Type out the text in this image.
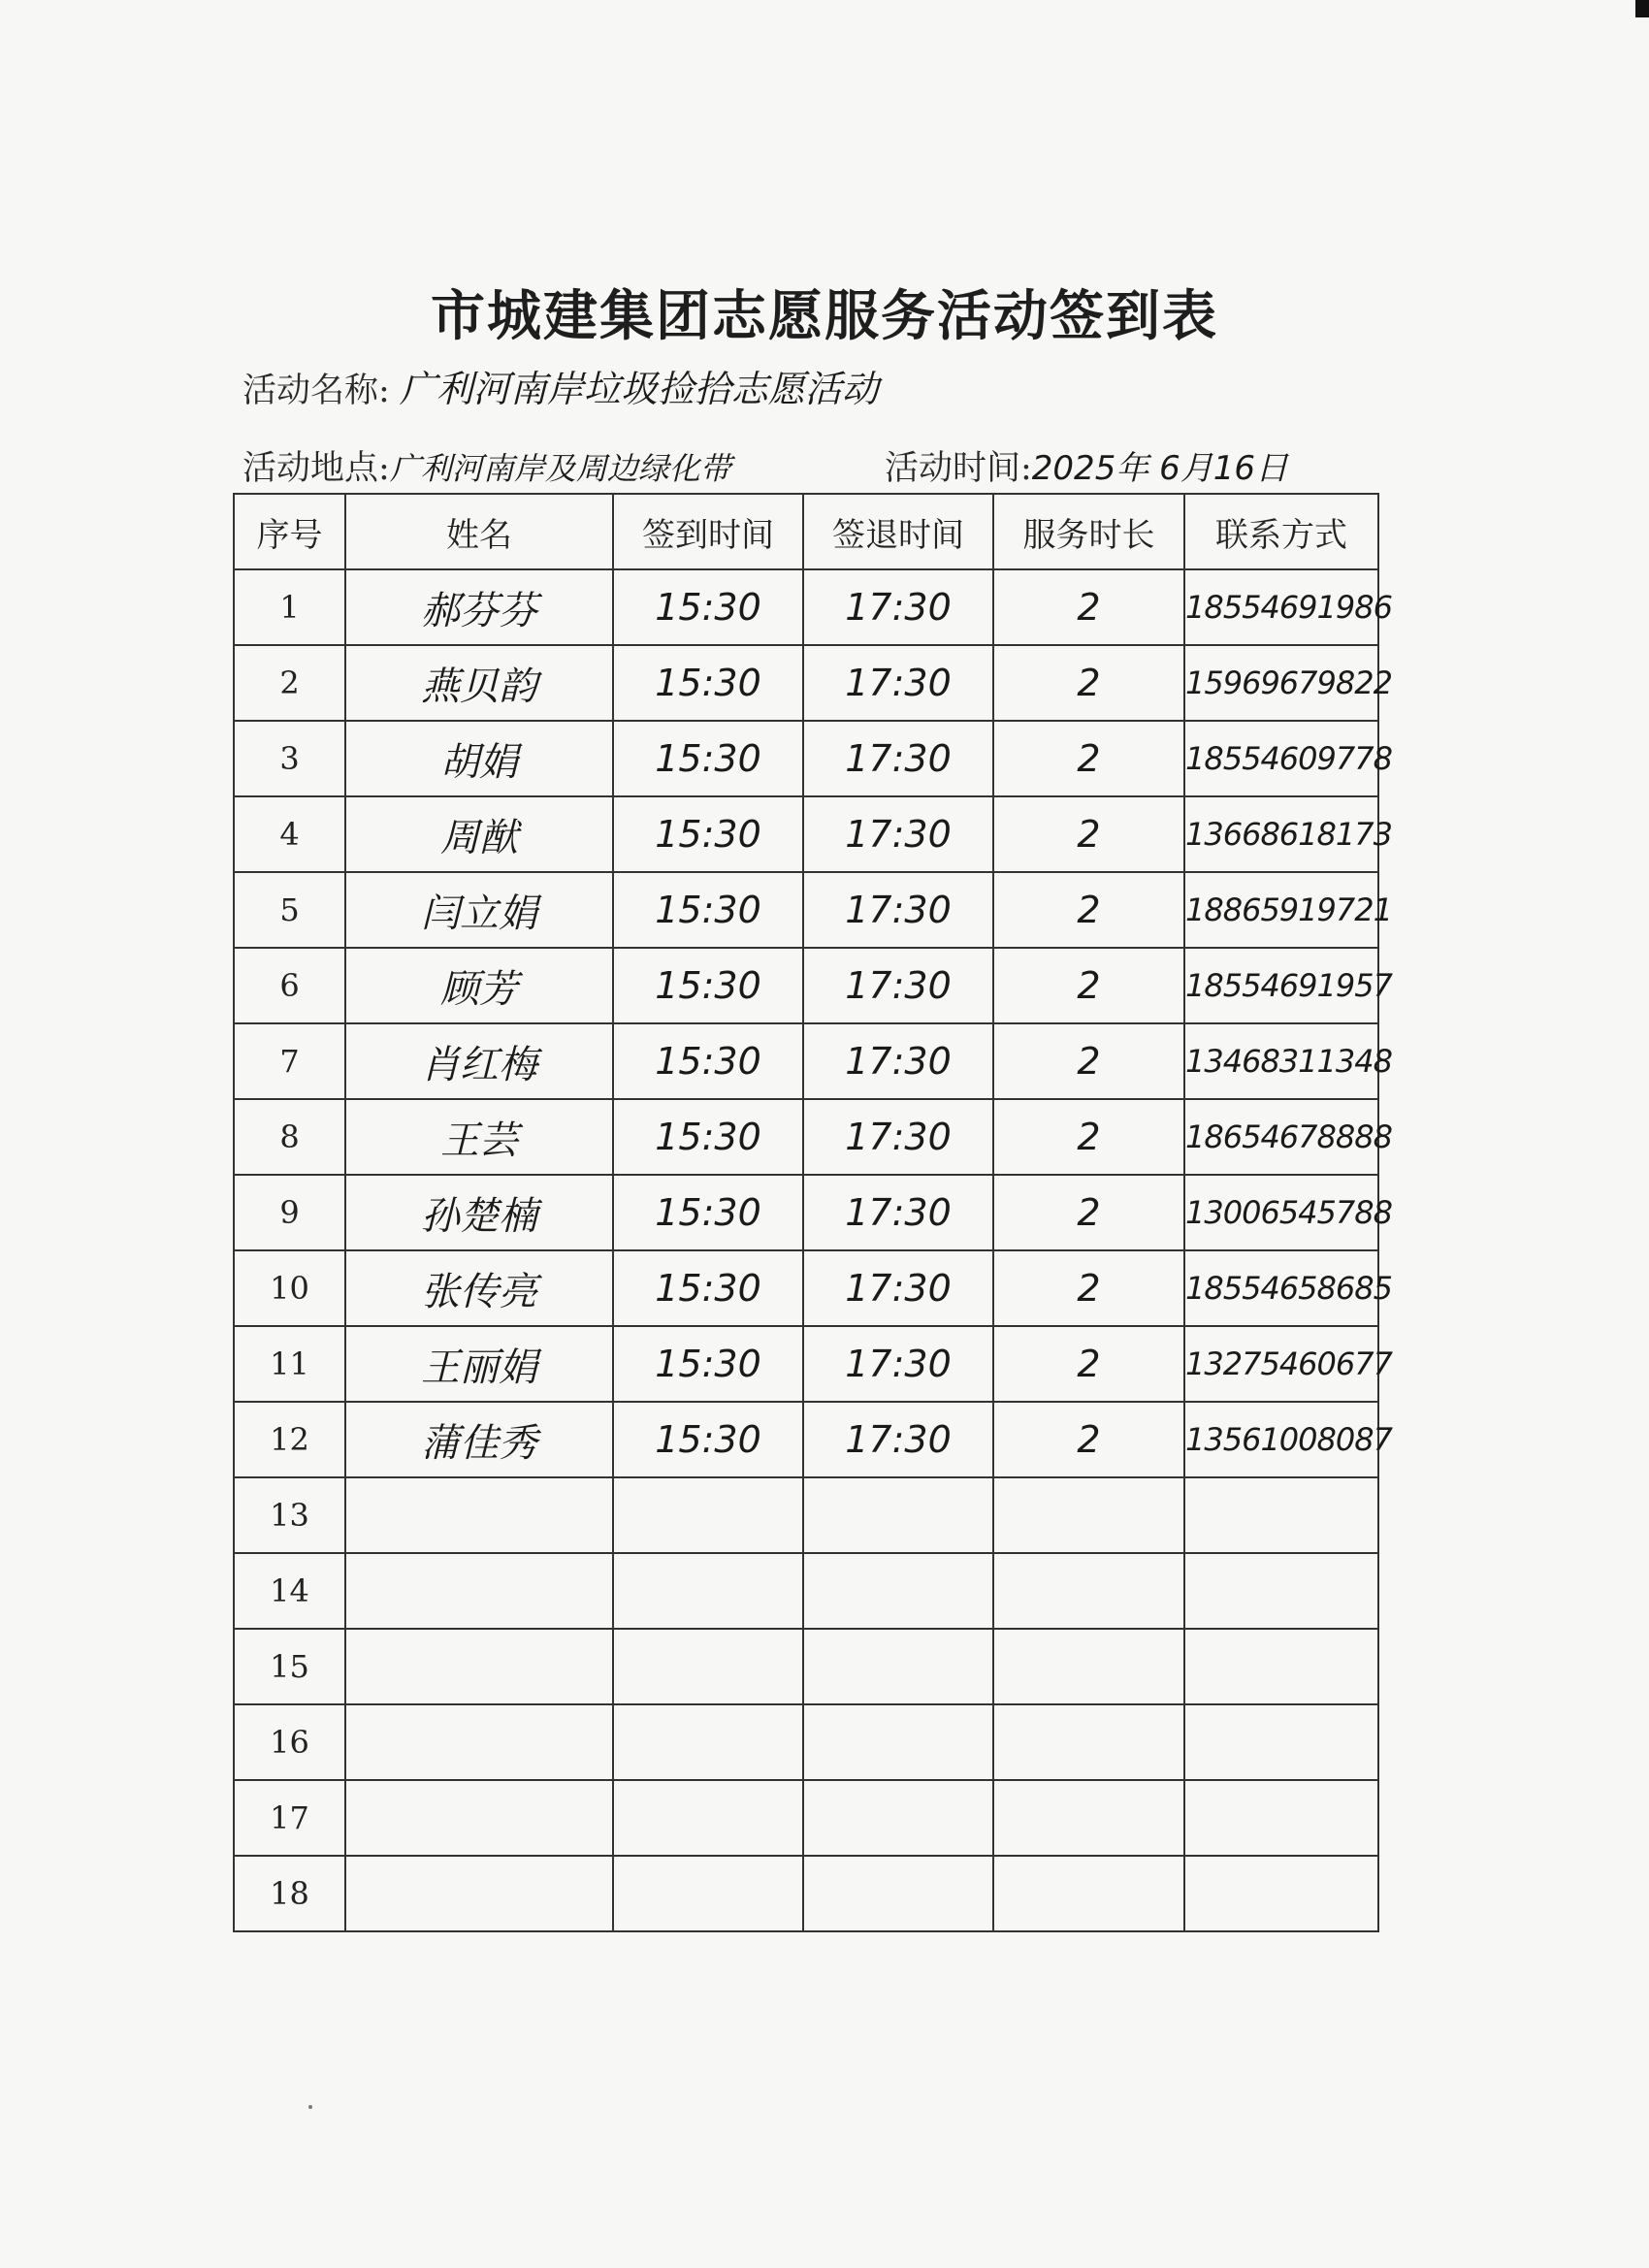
市城建集团志愿服务活动签到表
活动名称: 广利河南岸垃圾捡拾志愿活动
活动地点:广利河南岸及周边绿化带	活动时间:2025年 6月16日
序号	姓名	签到时间	签退时间	服务时长	联系方式
1	郝芬芬	15:30	17:30	2	18554691986
2	燕贝韵	15:30	17:30	2	15969679822
3	胡娟	15:30	17:30	2	18554609778
4	周猷	15:30	17:30	2	13668618173
5	闫立娟	15:30	17:30	2	18865919721
6	顾芳	15:30	17:30	2	18554691957
7	肖红梅	15:30	17:30	2	13468311348
8	王芸	15:30	17:30	2	18654678888
9	孙楚楠	15:30	17:30	2	13006545788
10	张传亮	15:30	17:30	2	18554658685
11	王丽娟	15:30	17:30	2	13275460677
12	蒲佳秀	15:30	17:30	2	13561008087
13					
14					
15					
16					
17					
18					
